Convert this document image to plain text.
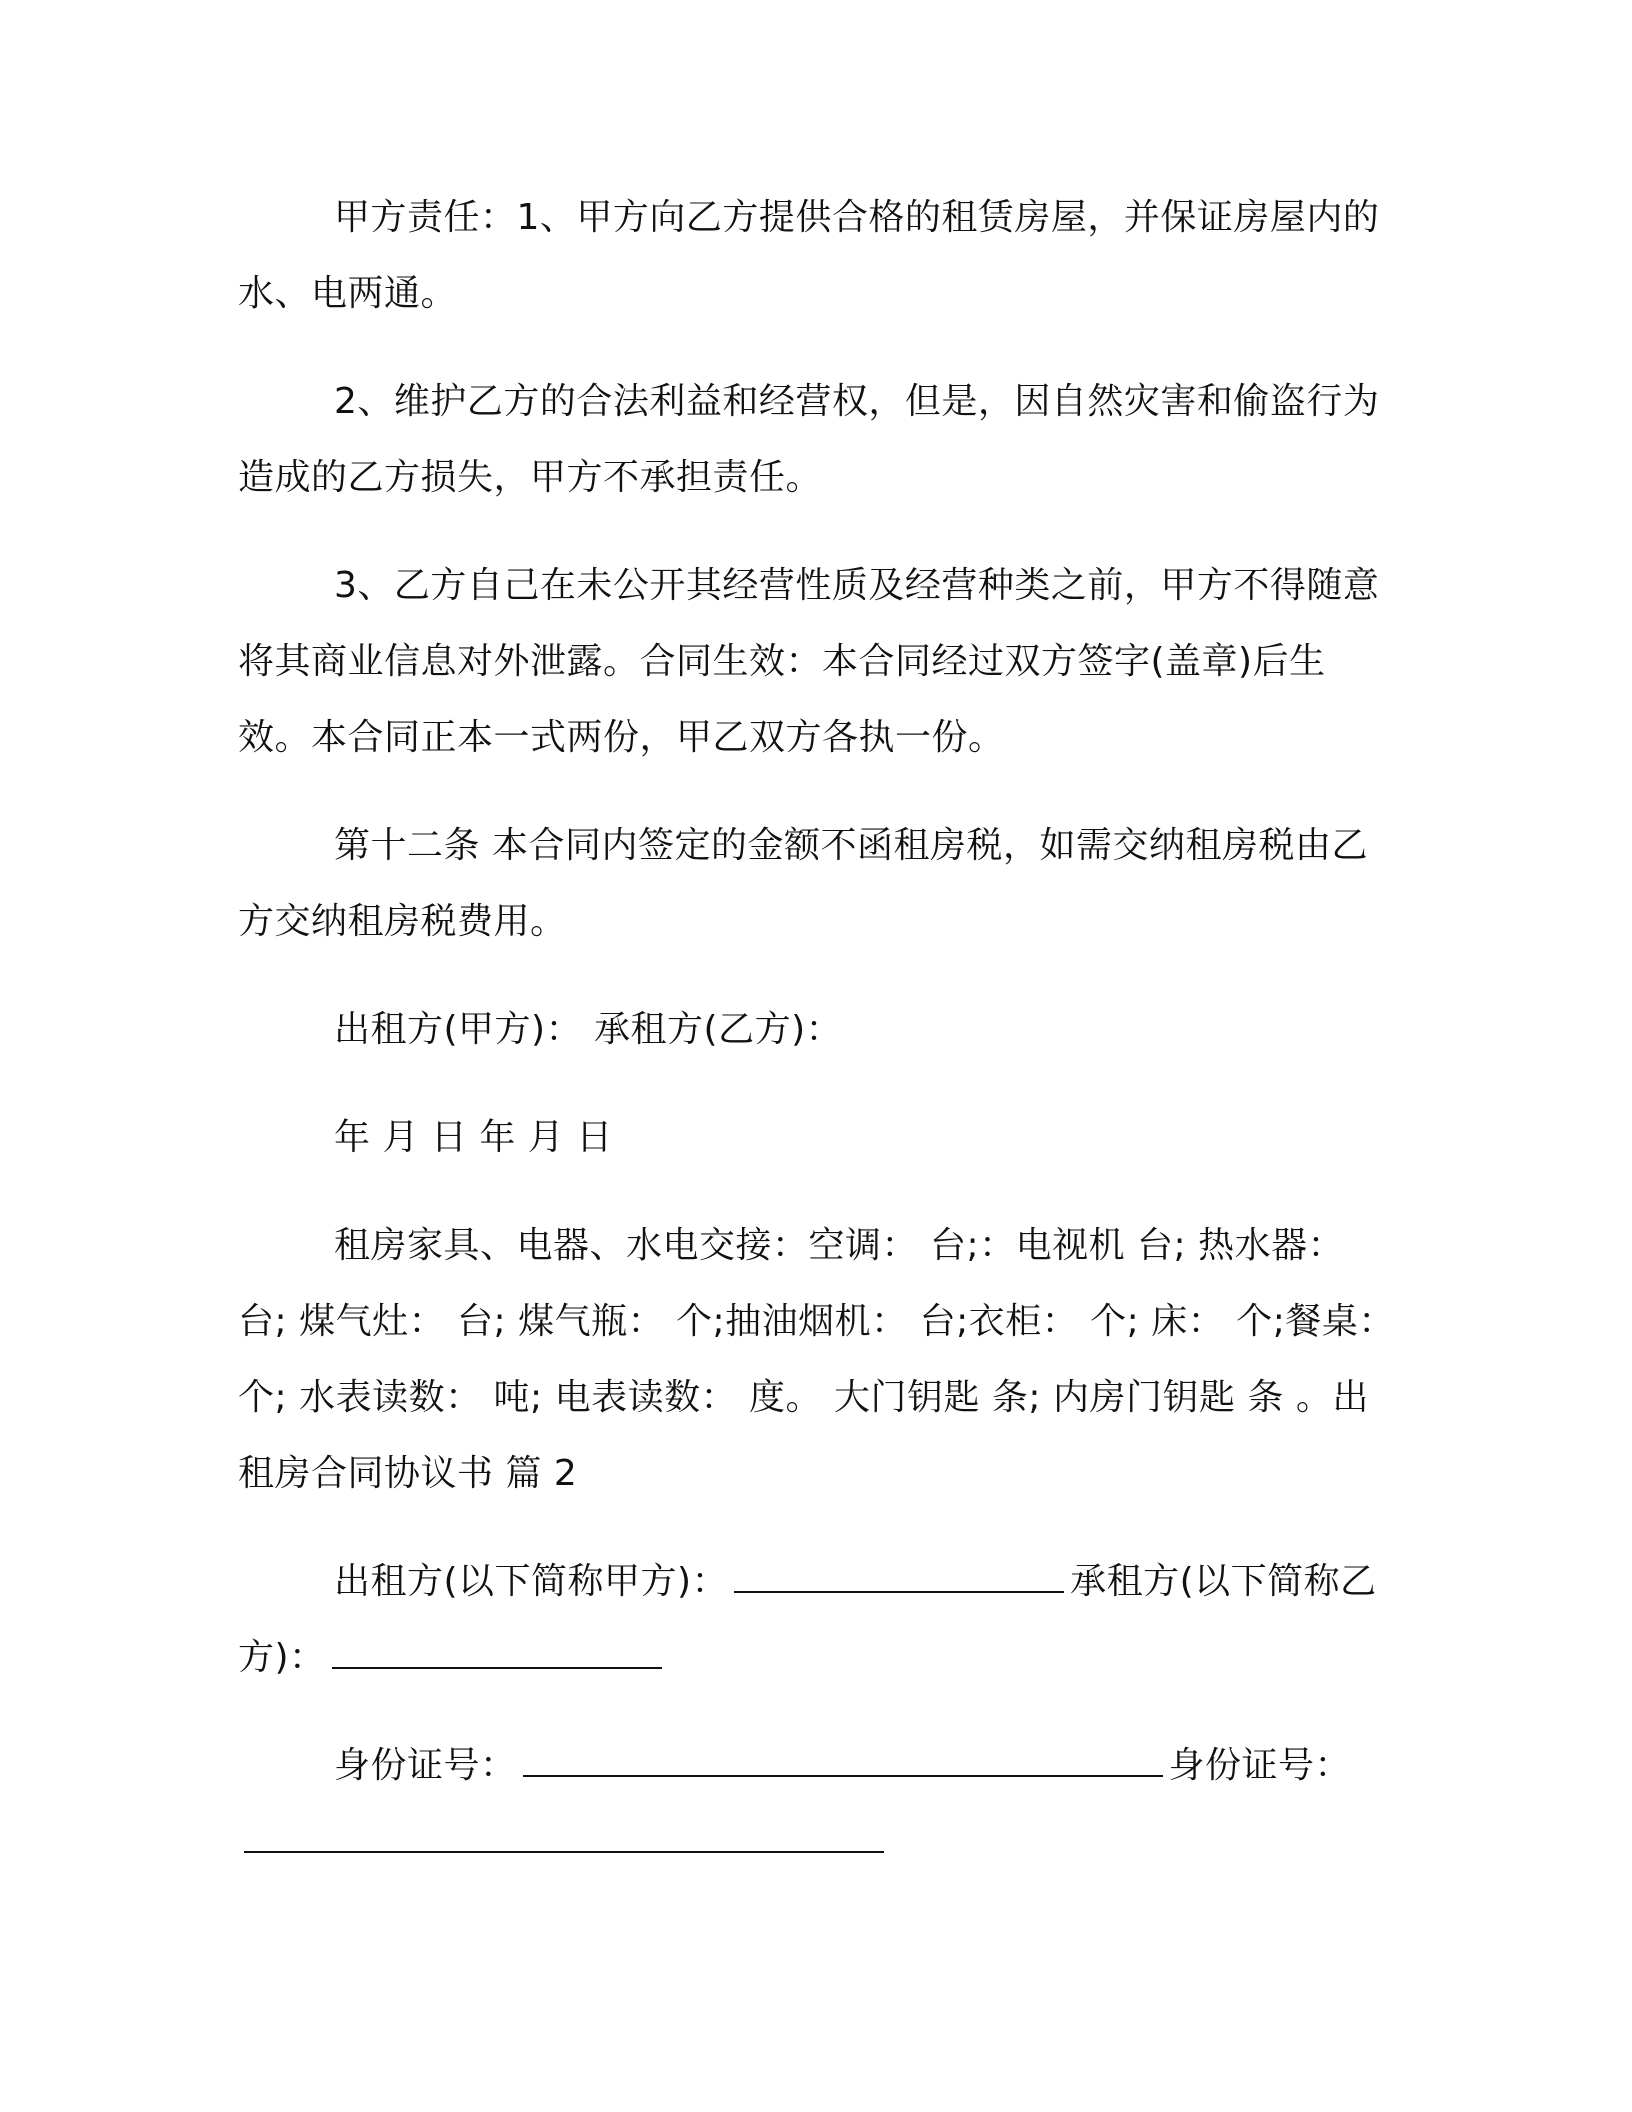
甲方责任：1、甲方向乙方提供合格的租赁房屋，并保证房屋内的水、电两通。

2、维护乙方的合法利益和经营权，但是，因自然灾害和偷盗行为造成的乙方损失，甲方不承担责任。

3、乙方自己在未公开其经营性质及经营种类之前，甲方不得随意将其商业信息对外泄露。合同生效：本合同经过双方签字(盖章)后生效。本合同正本一式两份，甲乙双方各执一份。

第十二条 本合同内签定的金额不函租房税，如需交纳租房税由乙方交纳租房税费用。

出租方(甲方)： 承租方(乙方)：

年 月 日 年 月 日

租房家具、电器、水电交接：空调： 台;：电视机 台; 热水器： 台; 煤气灶： 台; 煤气瓶： 个;抽油烟机： 台;衣柜： 个; 床： 个;餐桌： 个; 水表读数： 吨; 电表读数： 度。 大门钥匙 条; 内房门钥匙 条 。出租房合同协议书 篇 2

出租方(以下简称甲方)：	承租方(以下简称乙方)：

身份证号：	身份证号：
